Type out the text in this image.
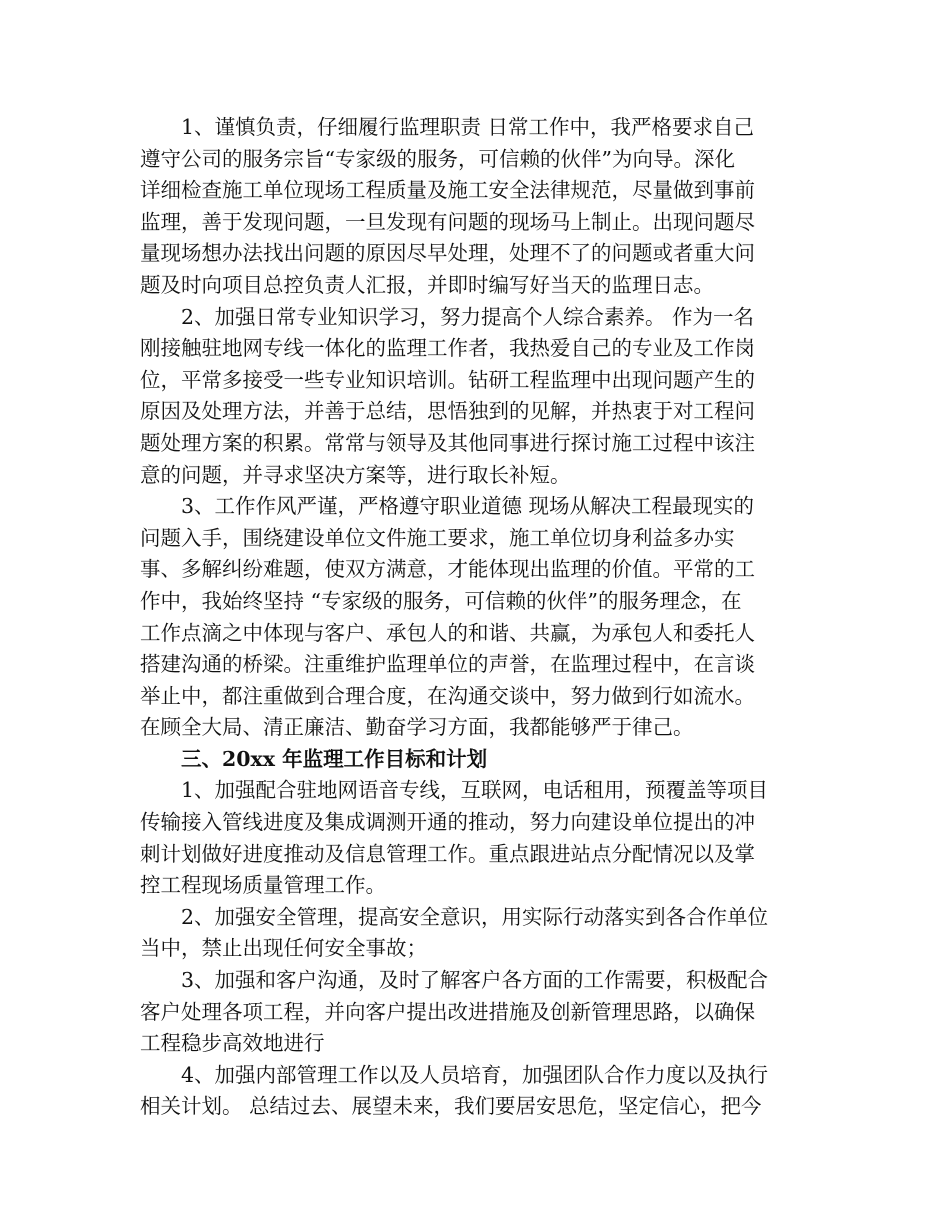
1、谨慎负责，仔细履行监理职责 日常工作中，我严格要求自己
遵守公司的服务宗旨“专家级的服务，可信赖的伙伴”为向导。深化
详细检查施工单位现场工程质量及施工安全法律规范，尽量做到事前
监理，善于发现问题，一旦发现有问题的现场马上制止。出现问题尽
量现场想办法找出问题的原因尽早处理，处理不了的问题或者重大问
题及时向项目总控负责人汇报，并即时编写好当天的监理日志。
2、加强日常专业知识学习，努力提高个人综合素养。 作为一名
刚接触驻地网专线一体化的监理工作者，我热爱自己的专业及工作岗
位，平常多接受一些专业知识培训。钻研工程监理中出现问题产生的
原因及处理方法，并善于总结，思悟独到的见解，并热衷于对工程问
题处理方案的积累。常常与领导及其他同事进行探讨施工过程中该注
意的问题，并寻求坚决方案等，进行取长补短。
3、工作作风严谨，严格遵守职业道德 现场从解决工程最现实的
问题入手，围绕建设单位文件施工要求，施工单位切身利益多办实
事、多解纠纷难题，使双方满意，才能体现出监理的价值。平常的工
作中，我始终坚持 “专家级的服务，可信赖的伙伴”的服务理念，在
工作点滴之中体现与客户、承包人的和谐、共赢，为承包人和委托人
搭建沟通的桥梁。注重维护监理单位的声誉，在监理过程中，在言谈
举止中，都注重做到合理合度，在沟通交谈中，努力做到行如流水。
在顾全大局、清正廉洁、勤奋学习方面，我都能够严于律己。
三、20xx 年监理工作目标和计划
1、加强配合驻地网语音专线，互联网，电话租用，预覆盖等项目
传输接入管线进度及集成调测开通的推动，努力向建设单位提出的冲
刺计划做好进度推动及信息管理工作。重点跟进站点分配情况以及掌
控工程现场质量管理工作。
2、加强安全管理，提高安全意识，用实际行动落实到各合作单位
当中，禁止出现任何安全事故；
3、加强和客户沟通，及时了解客户各方面的工作需要，积极配合
客户处理各项工程，并向客户提出改进措施及创新管理思路，以确保
工程稳步高效地进行
4、加强内部管理工作以及人员培育，加强团队合作力度以及执行
相关计划。 总结过去、展望未来，我们要居安思危，坚定信心，把今
